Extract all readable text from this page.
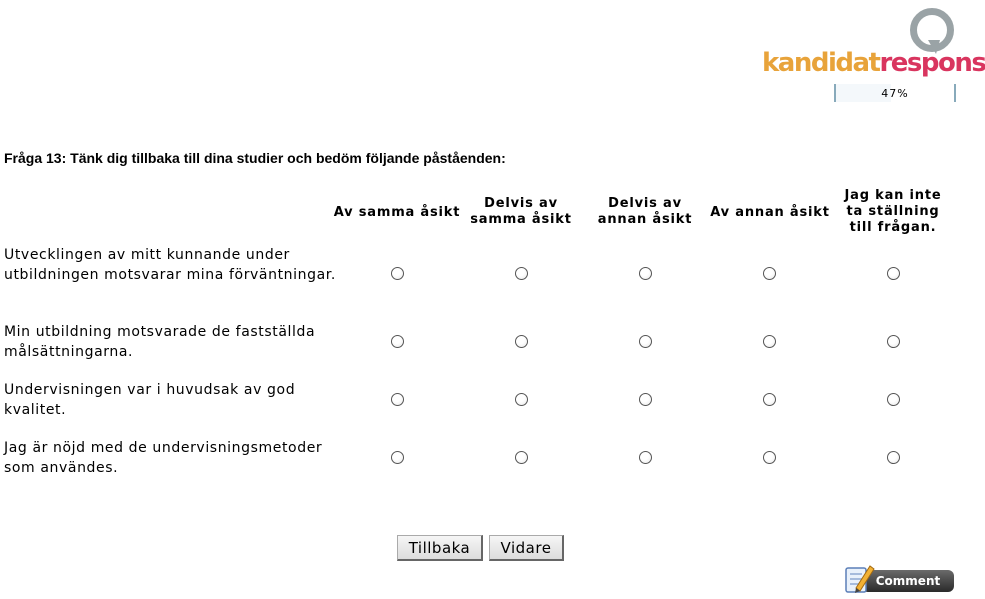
kandidatrespons
47%
Fråga 13: Tänk dig tillbaka till dina studier och bedöm följande påståenden:
Av samma åsikt
Delvis av samma åsikt
Delvis av annan åsikt	Av annan åsikt
Jag kan inte ta ställning till frågan.
Utvecklingen av mitt kunnande under utbildningen motsvarar mina förväntningar.
Min utbildning motsvarade de fastställda målsättningarna.
Undervisningen var i huvudsak av god kvalitet.
Jag är nöjd med de undervisningsmetoder som användes.
Tillbaka	Vidare
Comment
